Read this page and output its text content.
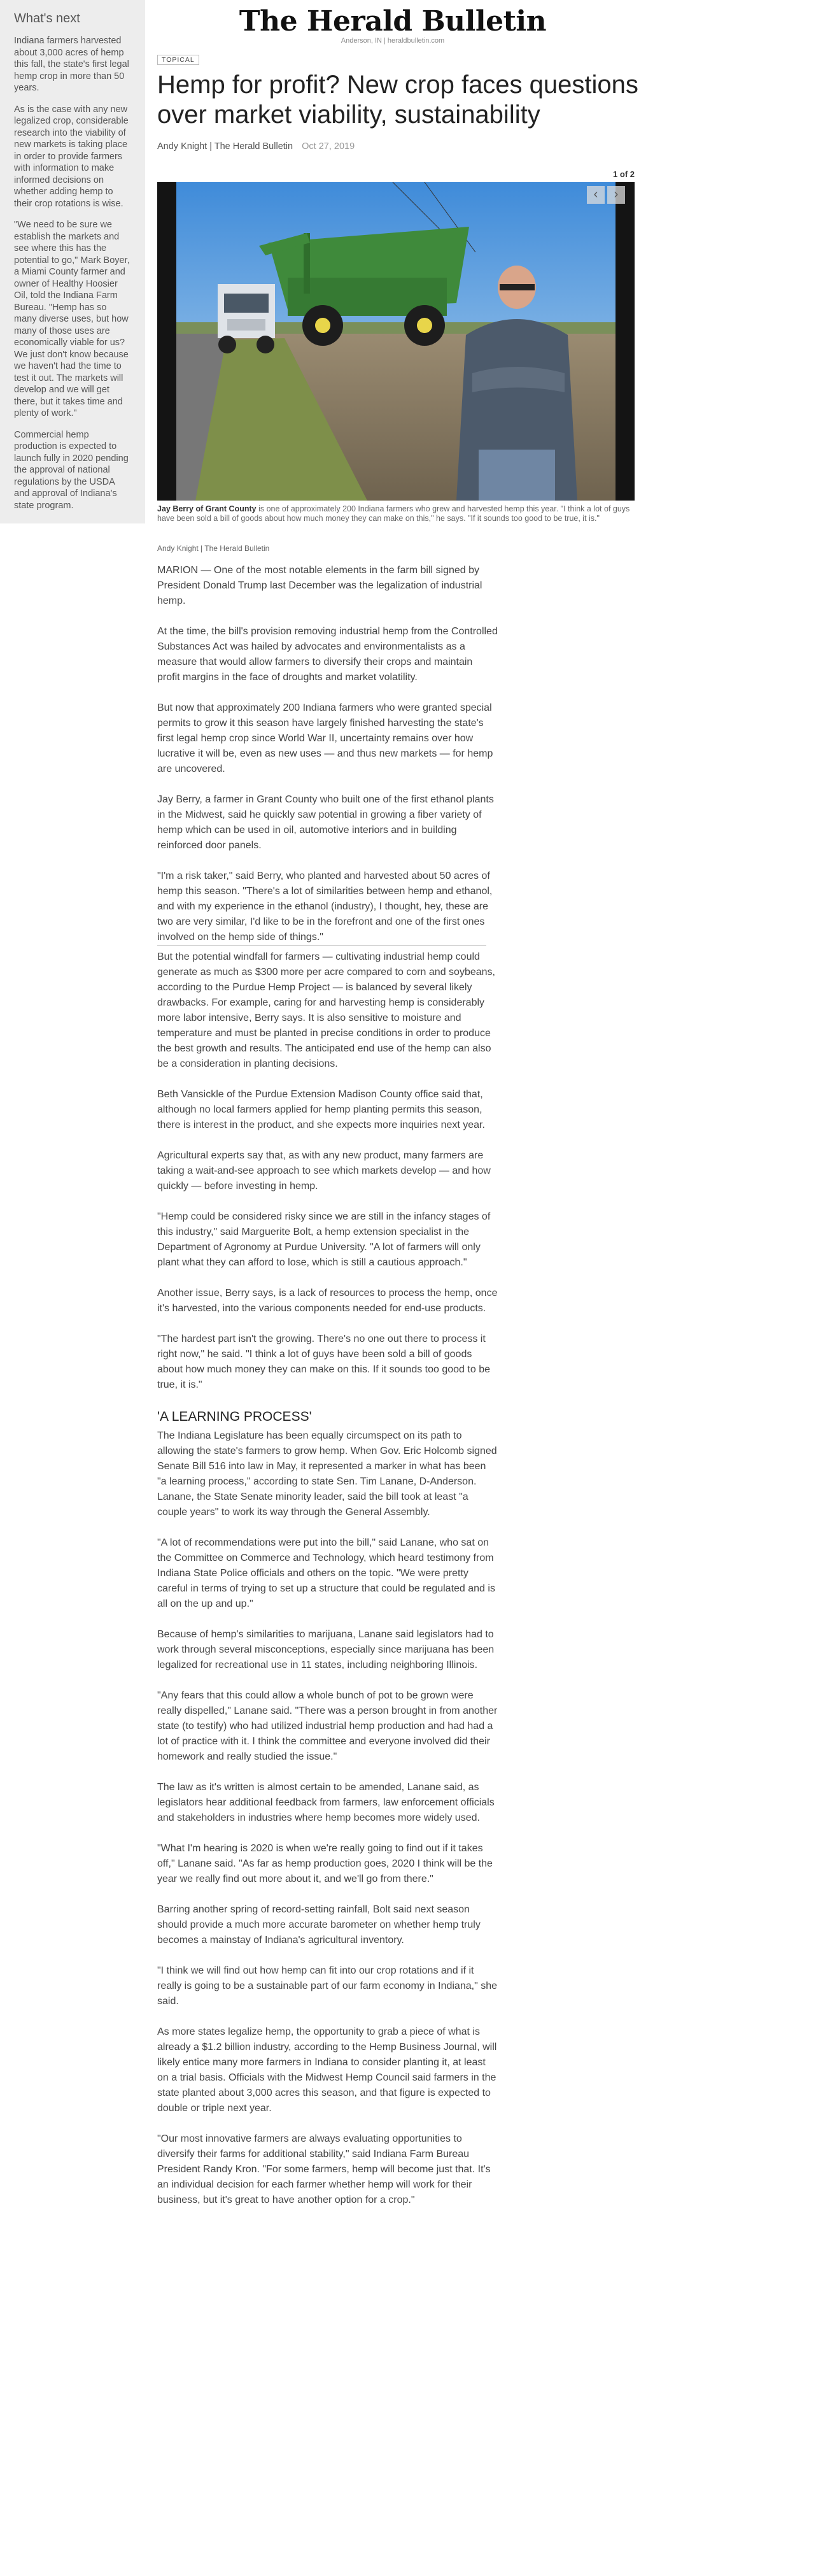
What's next

Indiana farmers harvested about 3,000 acres of hemp this fall, the state's first legal hemp crop in more than 50 years.

As is the case with any new legalized crop, considerable research into the viability of new markets is taking place in order to provide farmers with information to make informed decisions on whether adding hemp to their crop rotations is wise.

"We need to be sure we establish the markets and see where this has the potential to go," Mark Boyer, a Miami County farmer and owner of Healthy Hoosier Oil, told the Indiana Farm Bureau. "Hemp has so many diverse uses, but how many of those uses are economically viable for us? We just don't know because we haven't had the time to test it out. The markets will develop and we will get there, but it takes time and plenty of work."

Commercial hemp production is expected to launch fully in 2020 pending the approval of national regulations by the USDA and approval of Indiana's state program.

The Herald Bulletin
Anderson, IN | heraldbulletin.com
TOPICAL
Hemp for profit? New crop faces questions over market viability, sustainability
Andy Knight | The Herald Bulletin Oct 27, 2019
1 of 2
‹	›
Jay Berry of Grant County is one of approximately 200 Indiana farmers who grew and harvested hemp this year. "I think a lot of guys have been sold a bill of goods about how much money they can make on this," he says. "If it sounds too good to be true, it is."
Andy Knight | The Herald Bulletin

MARION — One of the most notable elements in the farm bill signed by President Donald Trump last December was the legalization of industrial hemp.

At the time, the bill's provision removing industrial hemp from the Controlled Substances Act was hailed by advocates and environmentalists as a measure that would allow farmers to diversify their crops and maintain profit margins in the face of droughts and market volatility.

But now that approximately 200 Indiana farmers who were granted special permits to grow it this season have largely finished harvesting the state's first legal hemp crop since World War II, uncertainty remains over how lucrative it will be, even as new uses — and thus new markets — for hemp are uncovered.

Jay Berry, a farmer in Grant County who built one of the first ethanol plants in the Midwest, said he quickly saw potential in growing a fiber variety of hemp which can be used in oil, automotive interiors and in building reinforced door panels.

"I'm a risk taker," said Berry, who planted and harvested about 50 acres of hemp this season. "There's a lot of similarities between hemp and ethanol, and with my experience in the ethanol (industry), I thought, hey, these are two are very similar, I'd like to be in the forefront and one of the first ones involved on the hemp side of things."

But the potential windfall for farmers — cultivating industrial hemp could generate as much as $300 more per acre compared to corn and soybeans, according to the Purdue Hemp Project — is balanced by several likely drawbacks. For example, caring for and harvesting hemp is considerably more labor intensive, Berry says. It is also sensitive to moisture and temperature and must be planted in precise conditions in order to produce the best growth and results. The anticipated end use of the hemp can also be a consideration in planting decisions.

Beth Vansickle of the Purdue Extension Madison County office said that, although no local farmers applied for hemp planting permits this season, there is interest in the product, and she expects more inquiries next year.

Agricultural experts say that, as with any new product, many farmers are taking a wait-and-see approach to see which markets develop — and how quickly — before investing in hemp.

"Hemp could be considered risky since we are still in the infancy stages of this industry," said Marguerite Bolt, a hemp extension specialist in the Department of Agronomy at Purdue University. "A lot of farmers will only plant what they can afford to lose, which is still a cautious approach."

Another issue, Berry says, is a lack of resources to process the hemp, once it's harvested, into the various components needed for end-use products.

"The hardest part isn't the growing. There's no one out there to process it right now," he said. "I think a lot of guys have been sold a bill of goods about how much money they can make on this. If it sounds too good to be true, it is."

'A LEARNING PROCESS'

The Indiana Legislature has been equally circumspect on its path to allowing the state's farmers to grow hemp. When Gov. Eric Holcomb signed Senate Bill 516 into law in May, it represented a marker in what has been "a learning process," according to state Sen. Tim Lanane, D-Anderson. Lanane, the State Senate minority leader, said the bill took at least "a couple years" to work its way through the General Assembly.

"A lot of recommendations were put into the bill," said Lanane, who sat on the Committee on Commerce and Technology, which heard testimony from Indiana State Police officials and others on the topic. "We were pretty careful in terms of trying to set up a structure that could be regulated and is all on the up and up."

Because of hemp's similarities to marijuana, Lanane said legislators had to work through several misconceptions, especially since marijuana has been legalized for recreational use in 11 states, including neighboring Illinois.

"Any fears that this could allow a whole bunch of pot to be grown were really dispelled," Lanane said. "There was a person brought in from another state (to testify) who had utilized industrial hemp production and had had a lot of practice with it. I think the committee and everyone involved did their homework and really studied the issue."

The law as it's written is almost certain to be amended, Lanane said, as legislators hear additional feedback from farmers, law enforcement officials and stakeholders in industries where hemp becomes more widely used.

"What I'm hearing is 2020 is when we're really going to find out if it takes off," Lanane said. "As far as hemp production goes, 2020 I think will be the year we really find out more about it, and we'll go from there."

Barring another spring of record-setting rainfall, Bolt said next season should provide a much more accurate barometer on whether hemp truly becomes a mainstay of Indiana's agricultural inventory.

"I think we will find out how hemp can fit into our crop rotations and if it really is going to be a sustainable part of our farm economy in Indiana," she said.

As more states legalize hemp, the opportunity to grab a piece of what is already a $1.2 billion industry, according to the Hemp Business Journal, will likely entice many more farmers in Indiana to consider planting it, at least on a trial basis. Officials with the Midwest Hemp Council said farmers in the state planted about 3,000 acres this season, and that figure is expected to double or triple next year.

"Our most innovative farmers are always evaluating opportunities to diversify their farms for additional stability," said Indiana Farm Bureau President Randy Kron. "For some farmers, hemp will become just that. It's an individual decision for each farmer whether hemp will work for their business, but it's great to have another option for a crop."
